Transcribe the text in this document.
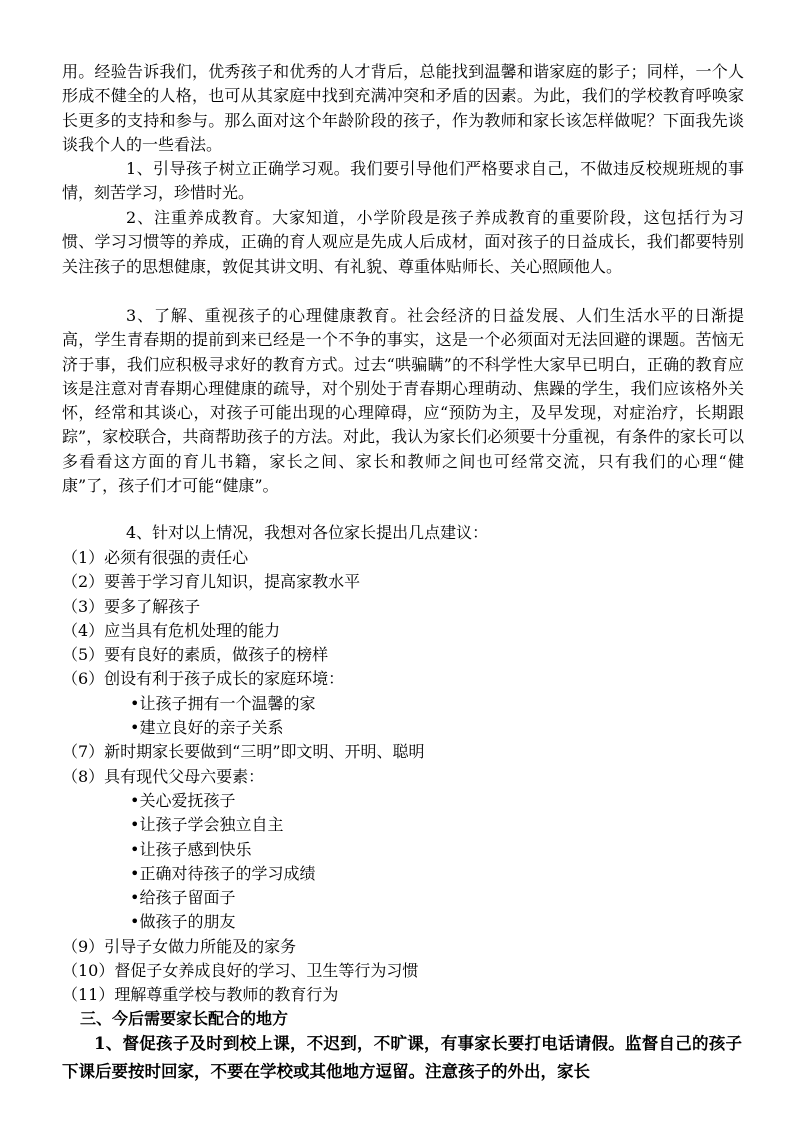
用。经验告诉我们，优秀孩子和优秀的人才背后，总能找到温馨和谐家庭的影子；同样，一个人形成不健全的人格，也可从其家庭中找到充满冲突和矛盾的因素。为此，我们的学校教育呼唤家长更多的支持和参与。那么面对这个年龄阶段的孩子，作为教师和家长该怎样做呢？下面我先谈谈我个人的一些看法。
1、引导孩子树立正确学习观。我们要引导他们严格要求自己，不做违反校规班规的事情，刻苦学习，珍惜时光。
2、注重养成教育。大家知道，小学阶段是孩子养成教育的重要阶段，这包括行为习惯、学习习惯等的养成，正确的育人观应是先成人后成材，面对孩子的日益成长，我们都要特别关注孩子的思想健康，敦促其讲文明、有礼貌、尊重体贴师长、关心照顾他人。
3、了解、重视孩子的心理健康教育。社会经济的日益发展、人们生活水平的日渐提高，学生青春期的提前到来已经是一个不争的事实，这是一个必须面对无法回避的课题。苦恼无济于事，我们应积极寻求好的教育方式。过去“哄骗瞒”的不科学性大家早已明白，正确的教育应该是注意对青春期心理健康的疏导，对个别处于青春期心理萌动、焦躁的学生，我们应该格外关怀，经常和其谈心，对孩子可能出现的心理障碍，应“预防为主，及早发现，对症治疗，长期跟踪”，家校联合，共商帮助孩子的方法。对此，我认为家长们必须要十分重视，有条件的家长可以多看看这方面的育儿书籍，家长之间、家长和教师之间也可经常交流，只有我们的心理“健康”了，孩子们才可能“健康”。
4、针对以上情况，我想对各位家长提出几点建议：
（1）必须有很强的责任心
（2）要善于学习育儿知识，提高家教水平
（3）要多了解孩子
（4）应当具有危机处理的能力
（5）要有良好的素质，做孩子的榜样
（6）创设有利于孩子成长的家庭环境：
•让孩子拥有一个温馨的家
•建立良好的亲子关系
（7）新时期家长要做到“三明”即文明、开明、聪明
（8）具有现代父母六要素：
•关心爱抚孩子
•让孩子学会独立自主
•让孩子感到快乐
•正确对待孩子的学习成绩
•给孩子留面子
•做孩子的朋友
（9）引导子女做力所能及的家务
（10）督促子女养成良好的学习、卫生等行为习惯
（11）理解尊重学校与教师的教育行为
三、今后需要家长配合的地方
1、督促孩子及时到校上课，不迟到，不旷课，有事家长要打电话请假。监督自己的孩子下课后要按时回家，不要在学校或其他地方逗留。注意孩子的外出，家长
